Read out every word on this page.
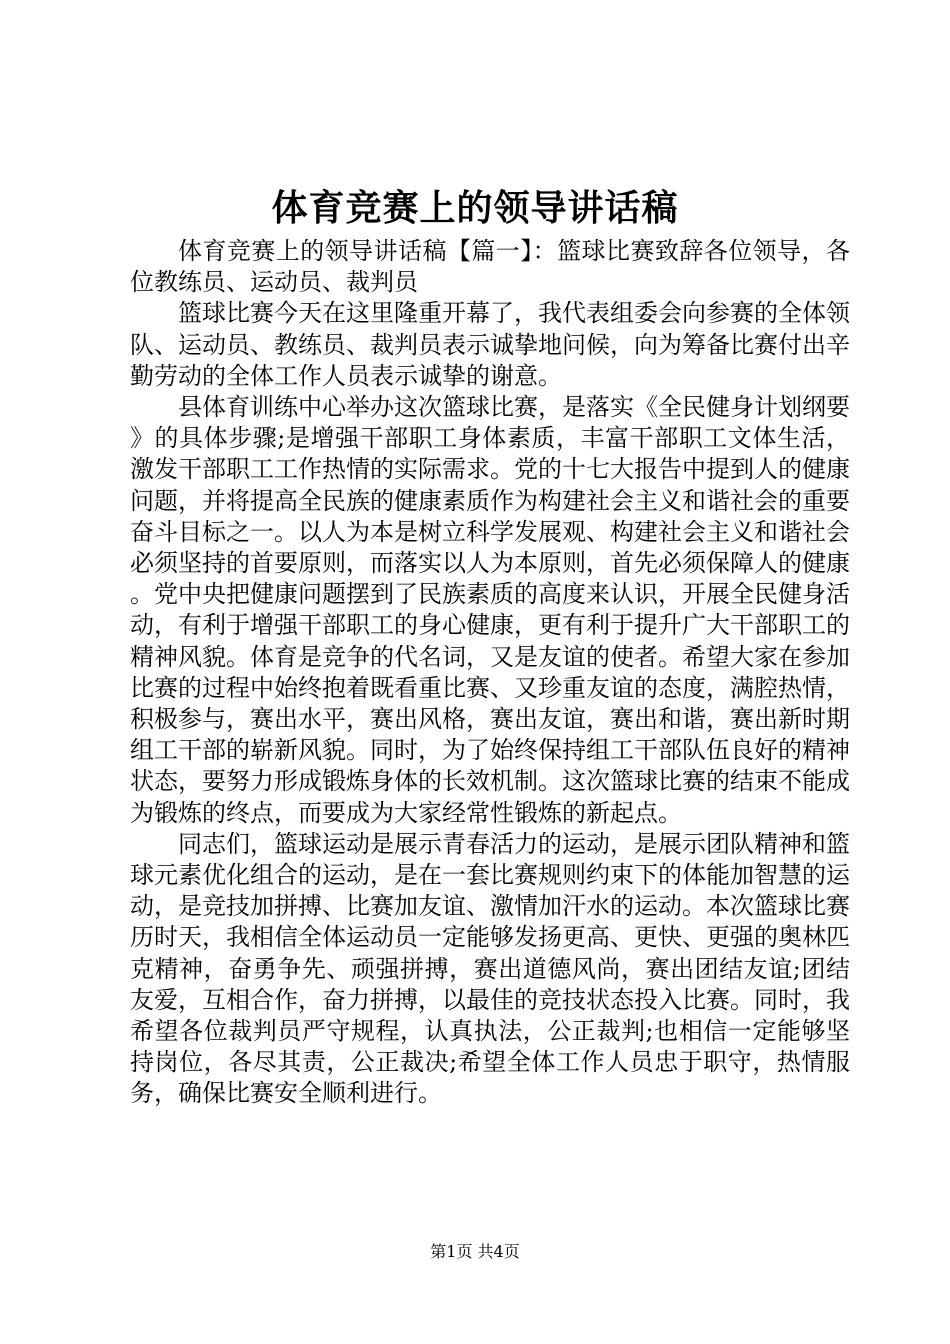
体育竞赛上的领导讲话稿

体育竞赛上的领导讲话稿【篇一】：篮球比赛致辞各位领导，各位教练员、运动员、裁判员

篮球比赛今天在这里隆重开幕了，我代表组委会向参赛的全体领队、运动员、教练员、裁判员表示诚挚地问候，向为筹备比赛付出辛勤劳动的全体工作人员表示诚挚的谢意。

县体育训练中心举办这次篮球比赛，是落实《全民健身计划纲要》的具体步骤;是增强干部职工身体素质，丰富干部职工文体生活，激发干部职工工作热情的实际需求。党的十七大报告中提到人的健康问题，并将提高全民族的健康素质作为构建社会主义和谐社会的重要奋斗目标之一。以人为本是树立科学发展观、构建社会主义和谐社会必须坚持的首要原则，而落实以人为本原则，首先必须保障人的健康。党中央把健康问题摆到了民族素质的高度来认识，开展全民健身活动，有利于增强干部职工的身心健康，更有利于提升广大干部职工的精神风貌。体育是竞争的代名词，又是友谊的使者。希望大家在参加比赛的过程中始终抱着既看重比赛、又珍重友谊的态度，满腔热情，积极参与，赛出水平，赛出风格，赛出友谊，赛出和谐，赛出新时期组工干部的崭新风貌。同时，为了始终保持组工干部队伍良好的精神状态，要努力形成锻炼身体的长效机制。这次篮球比赛的结束不能成为锻炼的终点，而要成为大家经常性锻炼的新起点。

同志们，篮球运动是展示青春活力的运动，是展示团队精神和篮球元素优化组合的运动，是在一套比赛规则约束下的体能加智慧的运动，是竞技加拼搏、比赛加友谊、激情加汗水的运动。本次篮球比赛历时天，我相信全体运动员一定能够发扬更高、更快、更强的奥林匹克精神，奋勇争先、顽强拼搏，赛出道德风尚，赛出团结友谊;团结友爱，互相合作，奋力拼搏，以最佳的竞技状态投入比赛。同时，我希望各位裁判员严守规程，认真执法，公正裁判;也相信一定能够坚持岗位，各尽其责，公正裁决;希望全体工作人员忠于职守，热情服务，确保比赛安全顺利进行。

第1页 共4页
